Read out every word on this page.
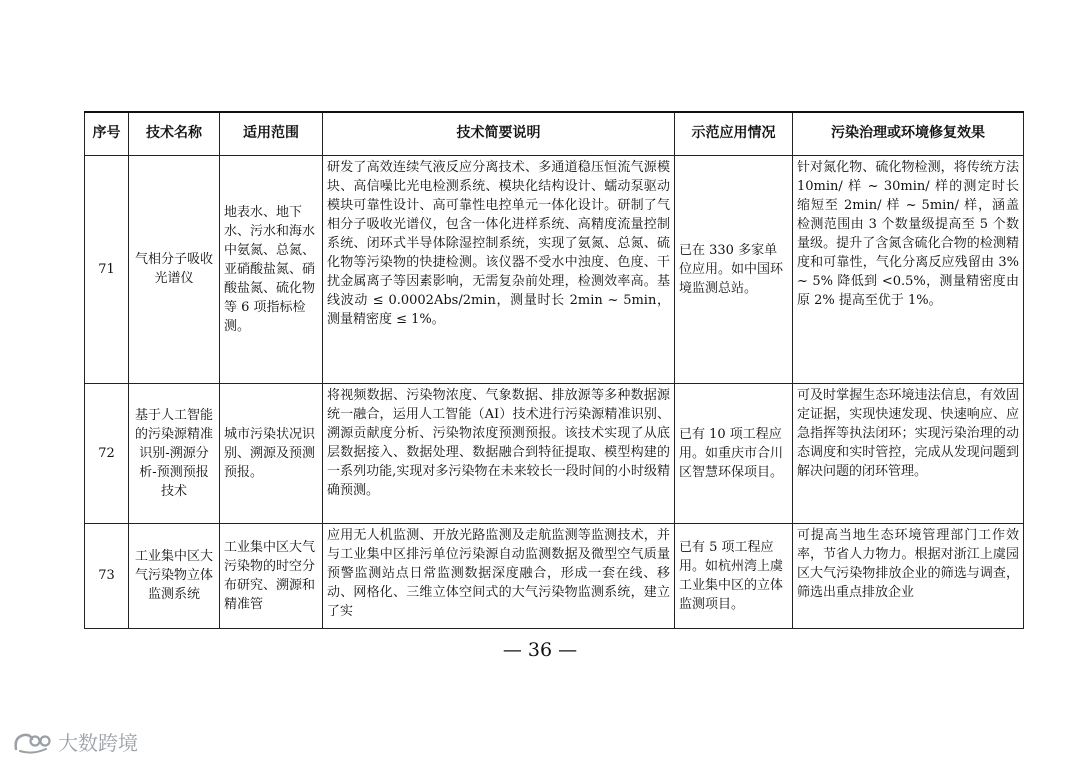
序号	技术名称	适用范围	技术简要说明	示范应用情况	污染治理或环境修复效果
71	气相分子吸收光谱仪	地表水、地下水、污水和海水中氨氮、总氮、亚硝酸盐氮、硝酸盐氮、硫化物等 6 项指标检测。	研发了高效连续气液反应分离技术、多通道稳压恒流气源模块、高信噪比光电检测系统、模块化结构设计、蠕动泵驱动模块可靠性设计、高可靠性电控单元一体化设计。研制了气相分子吸收光谱仪，包含一体化进样系统、高精度流量控制系统、闭环式半导体除湿控制系统，实现了氨氮、总氮、硫化物等污染物的快捷检测。该仪器不受水中浊度、色度、干扰金属离子等因素影响，无需复杂前处理，检测效率高。基线波动 ≤ 0.0002Abs/2min，测量时长 2min ~ 5min，测量精密度 ≤ 1%。	已在 330 多家单位应用。如中国环境监测总站。	针对氮化物、硫化物检测，将传统方法 10min/ 样 ~ 30min/ 样的测定时长缩短至 2min/ 样 ~ 5min/ 样，涵盖检测范围由 3 个数量级提高至 5 个数量级。提升了含氮含硫化合物的检测精度和可靠性，气化分离反应残留由 3% ~ 5% 降低到 <0.5%，测量精密度由原 2% 提高至优于 1%。
72	基于人工智能的污染源精准识别-溯源分析-预测预报技术	城市污染状况识别、溯源及预测预报。	将视频数据、污染物浓度、气象数据、排放源等多种数据源统一融合，运用人工智能（AI）技术进行污染源精准识别、溯源贡献度分析、污染物浓度预测预报。该技术实现了从底层数据接入、数据处理、数据融合到特征提取、模型构建的一系列功能,实现对多污染物在未来较长一段时间的小时级精确预测。	已有 10 项工程应用。如重庆市合川区智慧环保项目。	可及时掌握生态环境违法信息，有效固定证据，实现快速发现、快速响应、应急指挥等执法闭环；实现污染治理的动态调度和实时管控，完成从发现问题到解决问题的闭环管理。
73	工业集中区大气污染物立体监测系统	工业集中区大气污染物的时空分布研究、溯源和精准管	应用无人机监测、开放光路监测及走航监测等监测技术，并与工业集中区排污单位污染源自动监测数据及微型空气质量预警监测站点日常监测数据深度融合，形成一套在线、移动、网格化、三维立体空间式的大气污染物监测系统，建立了实	已有 5 项工程应用。如杭州湾上虞工业集中区的立体监测项目。	可提高当地生态环境管理部门工作效率，节省人力物力。根据对浙江上虞园区大气污染物排放企业的筛选与调查，筛选出重点排放企业
— 36 —
大数跨境
